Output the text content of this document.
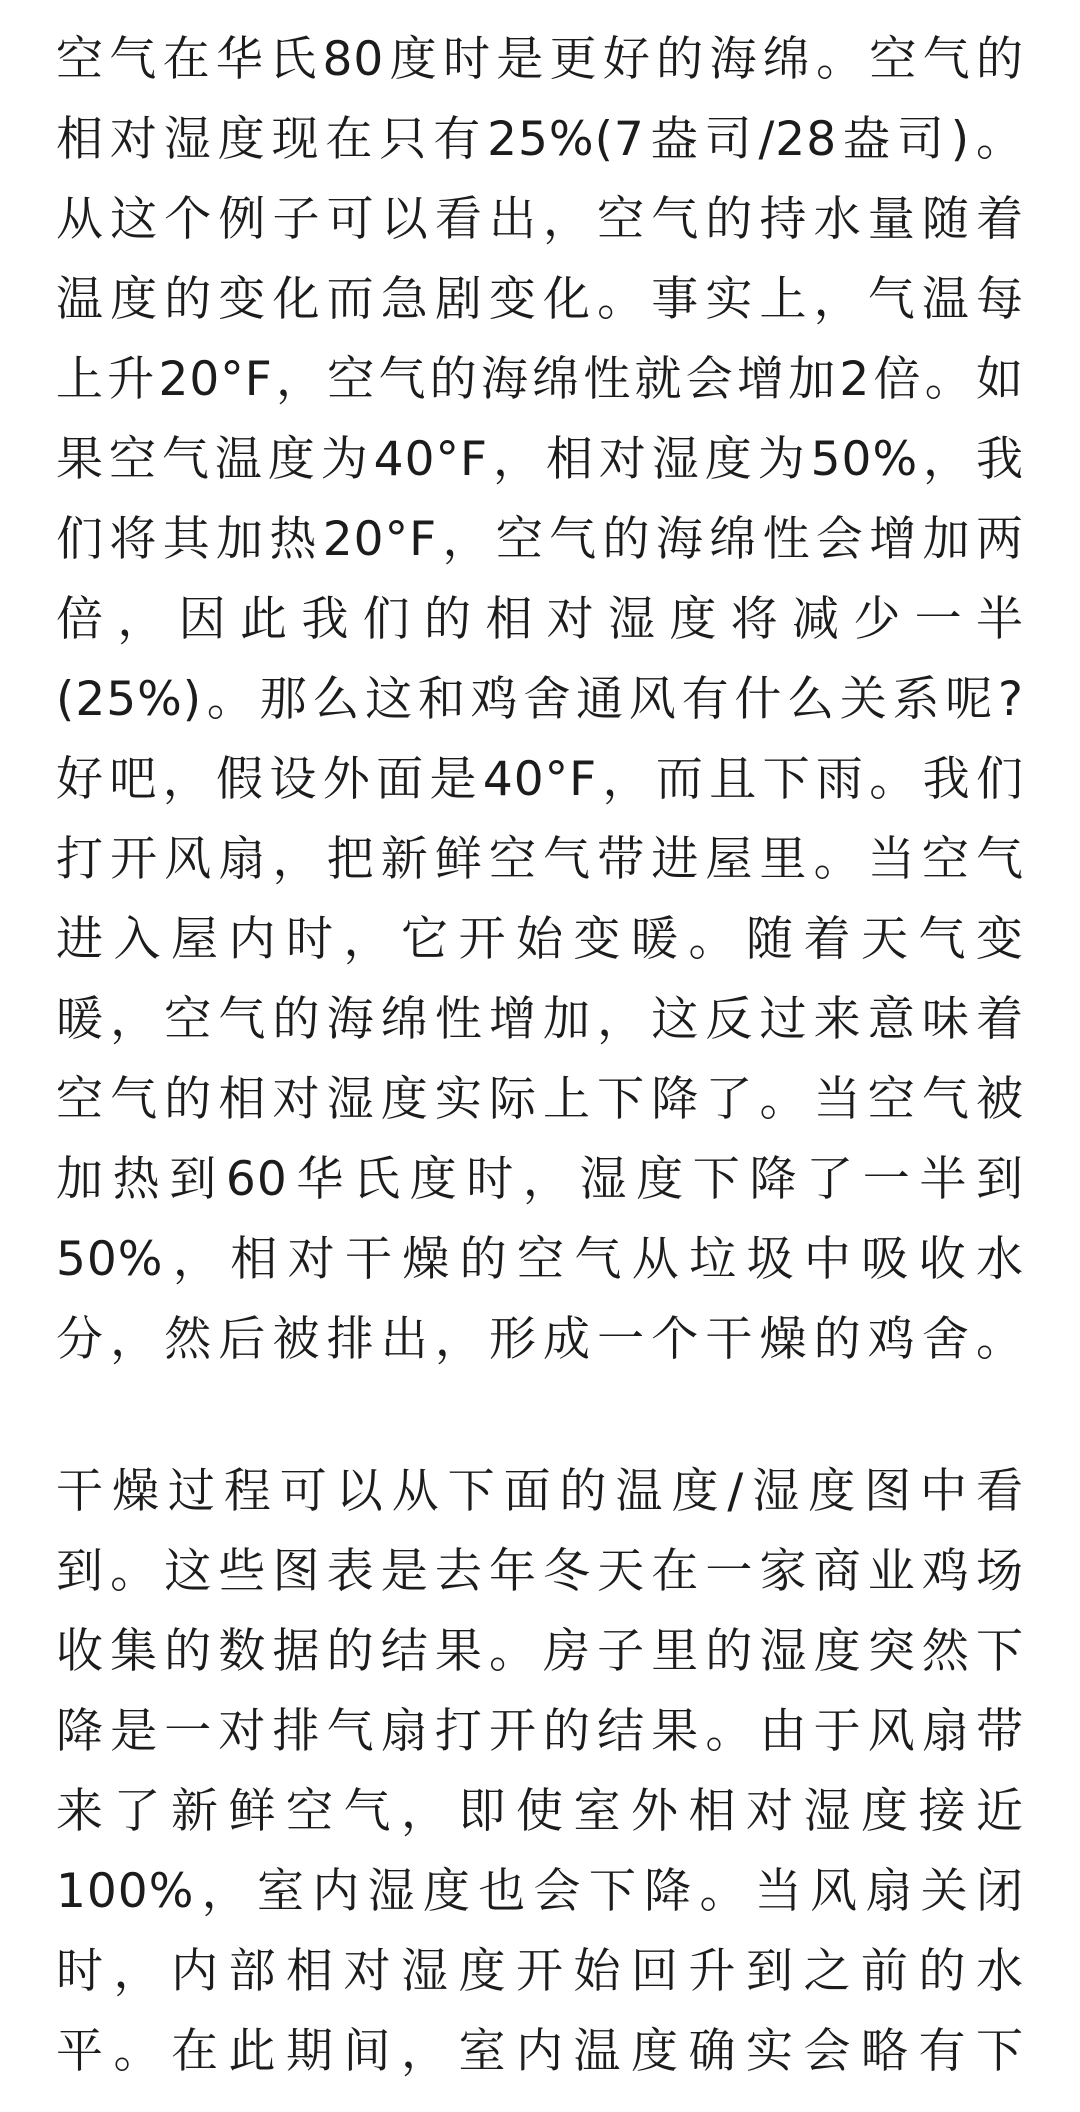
空气在华氏80度时是更好的海绵。空气的
相对湿度现在只有25%(7盎司/28盎司)。
从这个例子可以看出，空气的持水量随着
温度的变化而急剧变化。事实上，气温每
上升20°F，空气的海绵性就会增加2倍。如
果空气温度为40°F，相对湿度为50%，我
们将其加热20°F，空气的海绵性会增加两
倍，因此我们的相对湿度将减少一半
(25%)。那么这和鸡舍通风有什么关系呢?
好吧，假设外面是40°F，而且下雨。我们
打开风扇，把新鲜空气带进屋里。当空气
进入屋内时，它开始变暖。随着天气变
暖，空气的海绵性增加，这反过来意味着
空气的相对湿度实际上下降了。当空气被
加热到60华氏度时，湿度下降了一半到
50%，相对干燥的空气从垃圾中吸收水
分，然后被排出，形成一个干燥的鸡舍。
干燥过程可以从下面的温度/湿度图中看
到。这些图表是去年冬天在一家商业鸡场
收集的数据的结果。房子里的湿度突然下
降是一对排气扇打开的结果。由于风扇带
来了新鲜空气，即使室外相对湿度接近
100%，室内湿度也会下降。当风扇关闭
时，内部相对湿度开始回升到之前的水
平。在此期间，室内温度确实会略有下
